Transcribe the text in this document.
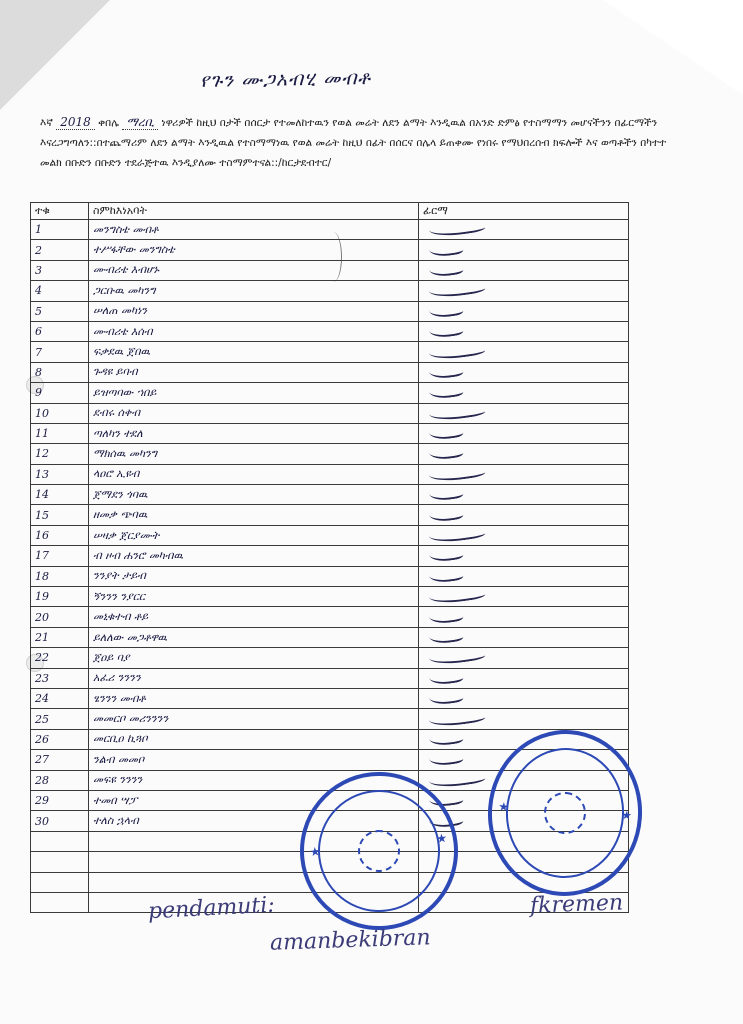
የጉን ሙጋአብሂ መብቶ
እኛ 2018 ቀበሌ ማረቢ ነዋሪዎች ከዚህ በታች በሰርታ የተመለከተዉን የወል መሬት ለደን ልማት እንዲዉል በአንድ ድምፅ የተስማማን መሆናችንን በፊርማችን እናረጋግጣለን::በተጨማሪም ለደን ልማት እንዲዉል የተስማማነዉ የወል መሬት ከዚህ በፊት በሰርና በሌላ ይጠቀሙ የነበሩ የማህበረሰብ ክፍሎች እና ወጣቶችን በካተተ መልክ በቡድን በቡድን ተደራጅተዉ እንዲያለሙ ተስማምተናል::/ከርታደብተር/
ተቁ	ስምከእነአባት	ፊርማ
1	መንግስቴ መብቶ	
2	ተሥፋቸው መንግስቴ	
3	ሙብሪቴ እብሆኑ	
4	ጋርቡዉ መካንግ	
5	ሠለጠ መካነን	
6	ሙብሪቴ እሰብ	
7	ፍቃደዉ ጀበዉ	
8	ጉዳዩ ይባብ	
9	ይዝጣባው ኀበይ	
10	ደብሩ ሰቀብ	
11	ጣለካን ተደለ	
12	ማክሰዉ መካንግ	
13	ላዐሮ ኢዩብ	
14	ጀማደን ጎባዉ	
15	ዘመቃ ጭባዉ	
16	ሠዛቃ ጀርያሙት	
17	ብ ዞብ ሐንሮ መካብዉ	
18	ንንያት ታይብ	
19	ኝንንን ንያርር	
20	መኒቁተብ ቶይ	
21	ይለለው መጋቶዋዉ	
22	ጀዐይ ባያ	
23	አፈሪ ንንንን	
24	ፄንንን መብቶ	
25	መመርቦ መሪንንንን	
26	መርቢዐ ኪጓቦ	
27	ንልብ መመቦ	
28	መፍዩ ንንንን	
29	ተመበ ሣፓ	
30	ተለስ ኋላብ	

★
★
★
★
pendamuti:	fkremen
amanbekibran
